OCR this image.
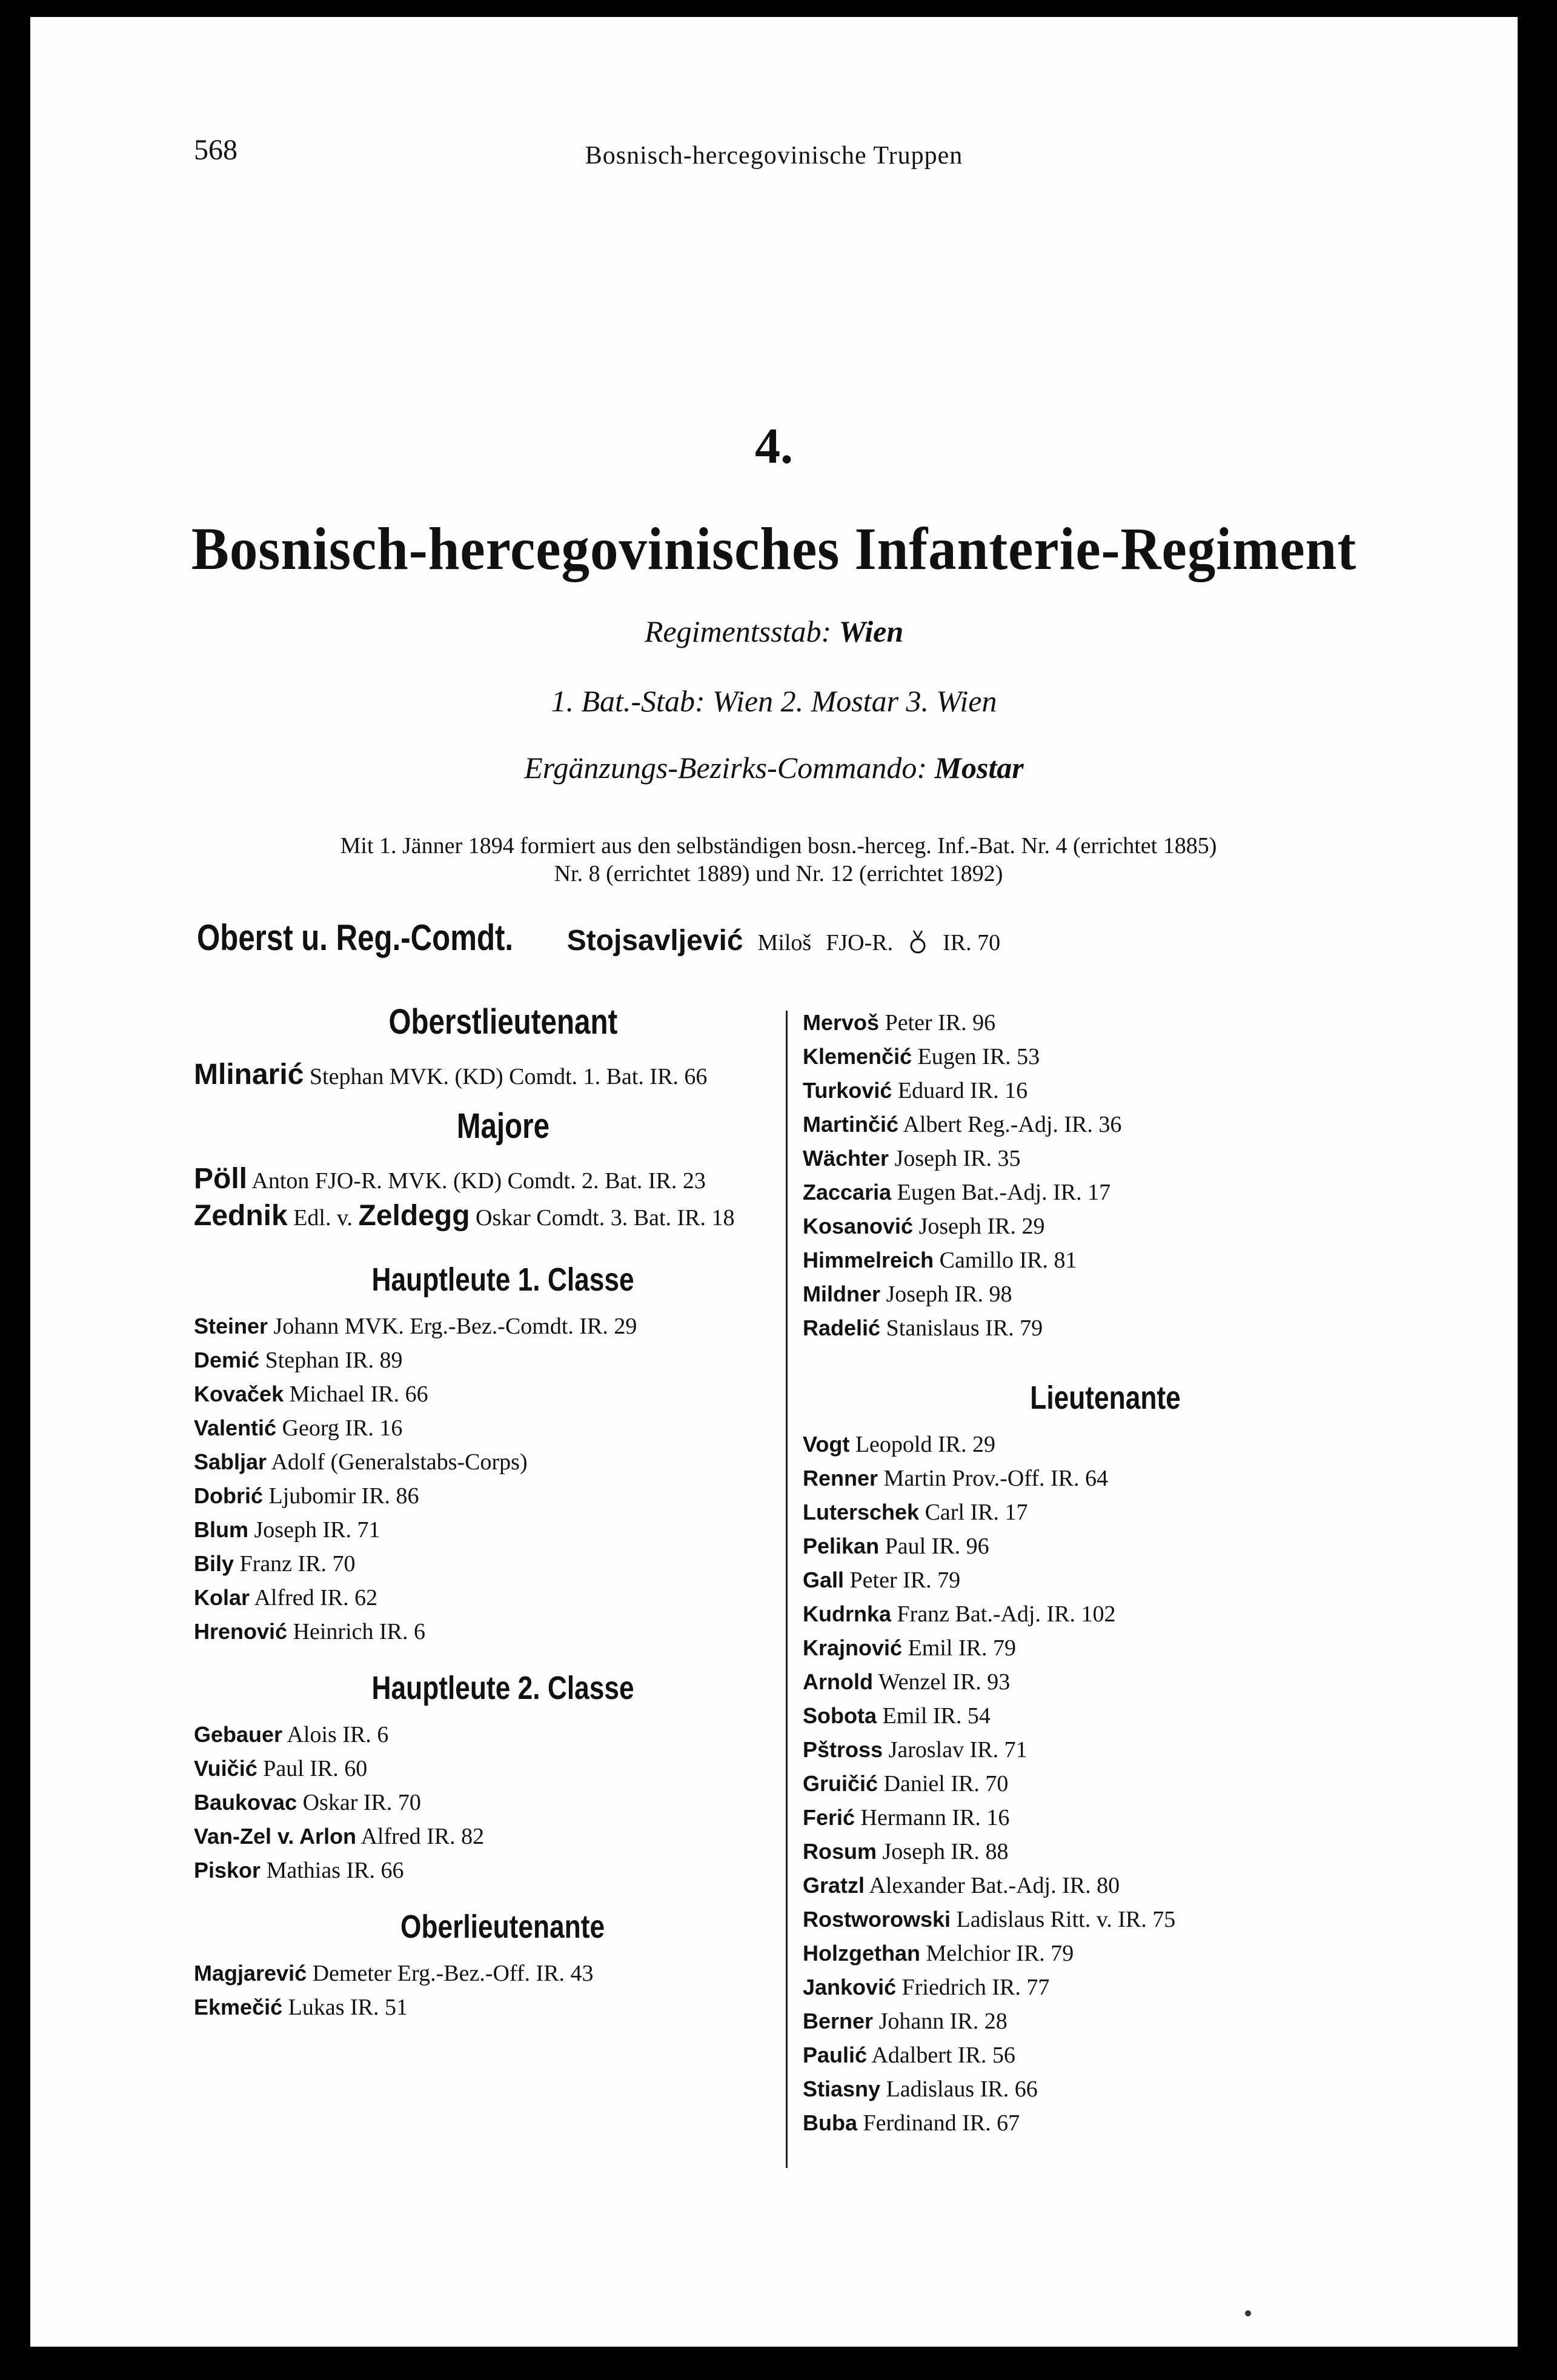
568	Bosnisch-hercegovinische Truppen
4.
Bosnisch-hercegovinisches Infanterie-Regiment
Regimentsstab: Wien
1. Bat.-Stab: Wien 2. Mostar 3. Wien
Ergänzungs-Bezirks-Commando: Mostar
Mit 1. Jänner 1894 formiert aus den selbständigen bosn.-herceg. Inf.-Bat. Nr. 4 (errichtet 1885)
Nr. 8 (errichtet 1889) und Nr. 12 (errichtet 1892)
Oberst u. Reg.-Comdt. Stojsavljević Miloš FJO-R. IR. 70
Oberstlieutenant
Mlinarić Stephan MVK. (KD) Comdt. 1. Bat. IR. 66
Majore
Pöll Anton FJO-R. MVK. (KD) Comdt. 2. Bat. IR. 23
Zednik Edl. v. Zeldegg Oskar Comdt. 3. Bat. IR. 18
Hauptleute 1. Classe
Steiner Johann MVK. Erg.-Bez.-Comdt. IR. 29
Demić Stephan IR. 89
Kovaček Michael IR. 66
Valentić Georg IR. 16
Sabljar Adolf (Generalstabs-Corps)
Dobrić Ljubomir IR. 86
Blum Joseph IR. 71
Bily Franz IR. 70
Kolar Alfred IR. 62
Hrenović Heinrich IR. 6
Hauptleute 2. Classe
Gebauer Alois IR. 6
Vuičić Paul IR. 60
Baukovac Oskar IR. 70
Van-Zel v. Arlon Alfred IR. 82
Piskor Mathias IR. 66
Oberlieutenante
Magjarević Demeter Erg.-Bez.-Off. IR. 43
Ekmečić Lukas IR. 51
Mervoš Peter IR. 96
Klemenčić Eugen IR. 53
Turković Eduard IR. 16
Martinčić Albert Reg.-Adj. IR. 36
Wächter Joseph IR. 35
Zaccaria Eugen Bat.-Adj. IR. 17
Kosanović Joseph IR. 29
Himmelreich Camillo IR. 81
Mildner Joseph IR. 98
Radelić Stanislaus IR. 79
Lieutenante
Vogt Leopold IR. 29
Renner Martin Prov.-Off. IR. 64
Luterschek Carl IR. 17
Pelikan Paul IR. 96
Gall Peter IR. 79
Kudrnka Franz Bat.-Adj. IR. 102
Krajnović Emil IR. 79
Arnold Wenzel IR. 93
Sobota Emil IR. 54
Pštross Jaroslav IR. 71
Gruičić Daniel IR. 70
Ferić Hermann IR. 16
Rosum Joseph IR. 88
Gratzl Alexander Bat.-Adj. IR. 80
Rostworowski Ladislaus Ritt. v. IR. 75
Holzgethan Melchior IR. 79
Janković Friedrich IR. 77
Berner Johann IR. 28
Paulić Adalbert IR. 56
Stiasny Ladislaus IR. 66
Buba Ferdinand IR. 67
